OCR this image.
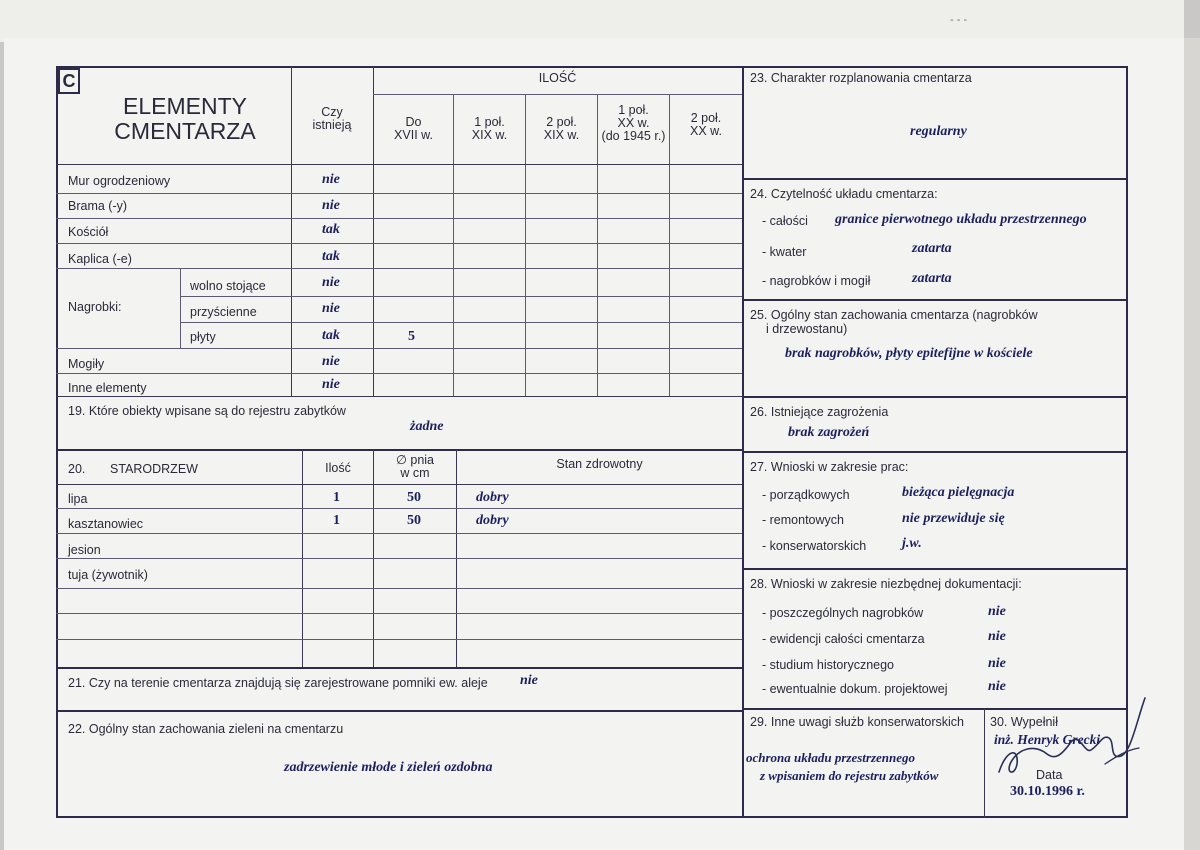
- - -
C
ELEMENTY
CMENTARZA
Czy
istnieją
ILOŚĆ
Do
XVII w.
1 poł.
XIX w.
2 poł.
XIX w.
1 poł.
XX w.
(do 1945 r.)
2 poł.
XX w.
Mur ogrodzeniowy	nie
Brama (-y)	nie
Kościół	tak
Kaplica (-e)	tak
Nagrobki:
wolno stojące	nie
przyścienne	nie
płyty	tak	5
Mogiły	nie
Inne elementy	nie
19. Które obiekty wpisane są do rejestru zabytków
żadne
20. STARODRZEW	Ilość
∅ pnia
w cm
Stan zdrowotny
lipa	1	50	dobry
kasztanowiec	1	50	dobry
jesion
tuja (żywotnik)
21. Czy na terenie cmentarza znajdują się zarejestrowane pomniki ew. aleje nie
22. Ogólny stan zachowania zieleni na cmentarzu
zadrzewienie młode i zieleń ozdobna
23. Charakter rozplanowania cmentarza
regularny
24. Czytelność układu cmentarza:
- całości granice pierwotnego układu przestrzennego
- kwater	zatarta
- nagrobków i mogił	zatarta
25. Ogólny stan zachowania cmentarza (nagrobków
i drzewostanu)
brak nagrobków, płyty epitefijne w kościele
26. Istniejące zagrożenia
brak zagrożeń
27. Wnioski w zakresie prac:
- porządkowych	bieżąca pielęgnacja
- remontowych	nie przewiduje się
- konserwatorskich	j.w.
28. Wnioski w zakresie niezbędnej dokumentacji:
- poszczególnych nagrobków	nie
- ewidencji całości cmentarza	nie
- studium historycznego	nie
- ewentualnie dokum. projektowej	nie
29. Inne uwagi służb konserwatorskich
ochrona układu przestrzennego
z wpisaniem do rejestru zabytków
30. Wypełnił
inż. Henryk Grecki
Data
30.10.1996 r.
